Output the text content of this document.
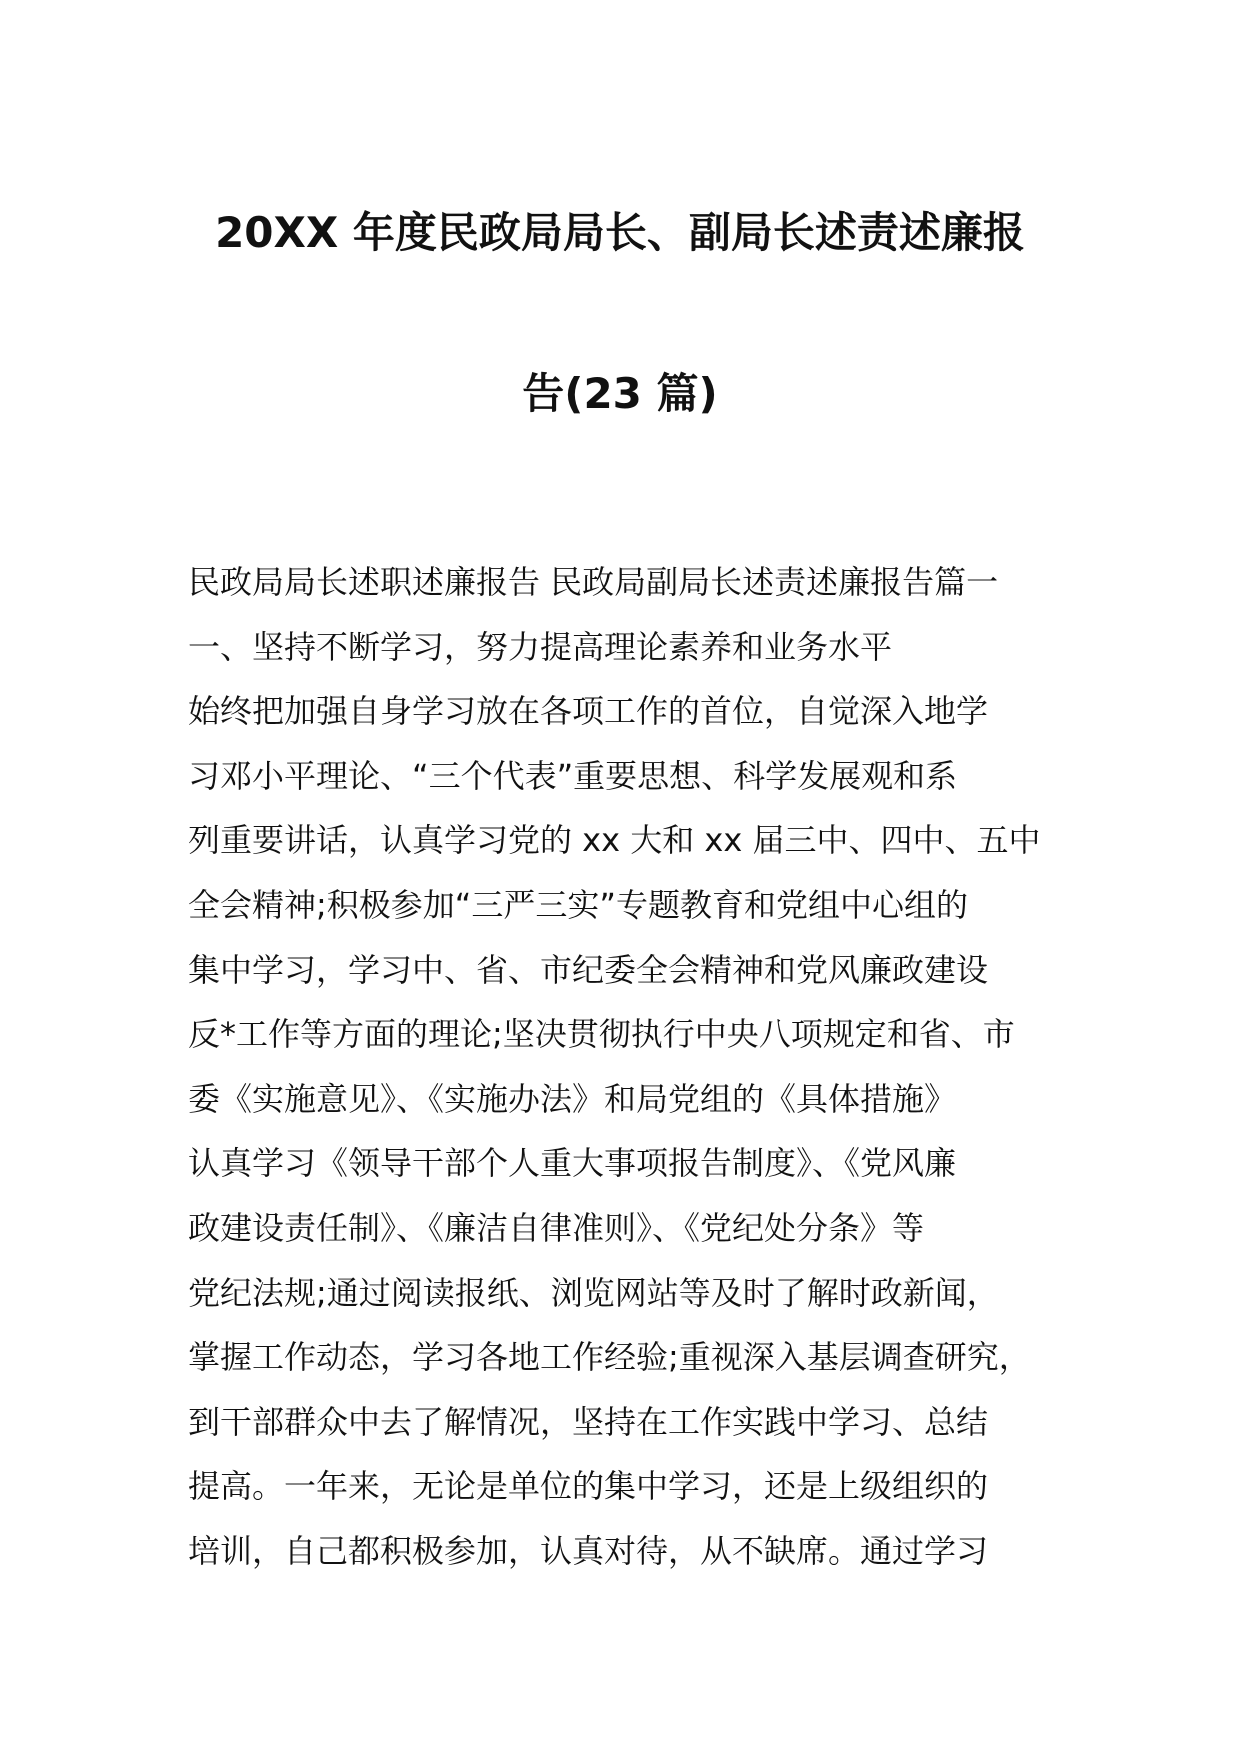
20XX 年度民政局局长、副局长述责述廉报
告(23 篇)
民政局局长述职述廉报告 民政局副局长述责述廉报告篇一
一、坚持不断学习，努力提高理论素养和业务水平
始终把加强自身学习放在各项工作的首位，自觉深入地学
习邓小平理论、“三个代表”重要思想、科学发展观和系
列重要讲话，认真学习党的 xx 大和 xx 届三中、四中、五中
全会精神;积极参加“三严三实”专题教育和党组中心组的
集中学习，学习中、省、市纪委全会精神和党风廉政建设
反*工作等方面的理论;坚决贯彻执行中央八项规定和省、市
委《实施意见》、《实施办法》和局党组的《具体措施》
认真学习《领导干部个人重大事项报告制度》、《党风廉
政建设责任制》、《廉洁自律准则》、《党纪处分条》等
党纪法规;通过阅读报纸、浏览网站等及时了解时政新闻，
掌握工作动态，学习各地工作经验;重视深入基层调查研究，
到干部群众中去了解情况，坚持在工作实践中学习、总结
提高。一年来，无论是单位的集中学习，还是上级组织的
培训，自己都积极参加，认真对待，从不缺席。通过学习
